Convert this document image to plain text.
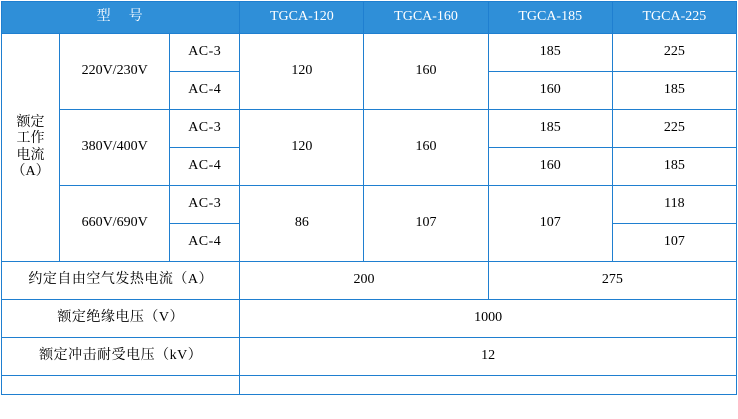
型　号			TGCA-120	TGCA-160	TGCA-185	TGCA-225

额定
工作
电流
（A）	220V/230V	AC-3	120	160	185	225
		AC-4			160	185
	380V/400V	AC-3	120	160	185	225
		AC-4			160	185
	660V/690V	AC-3	86	107	107	118
		AC-4				107
约定自由空气发热电流（A）			200		275	
额定绝缘电压（V）			1000			
额定冲击耐受电压（kV）			12			
